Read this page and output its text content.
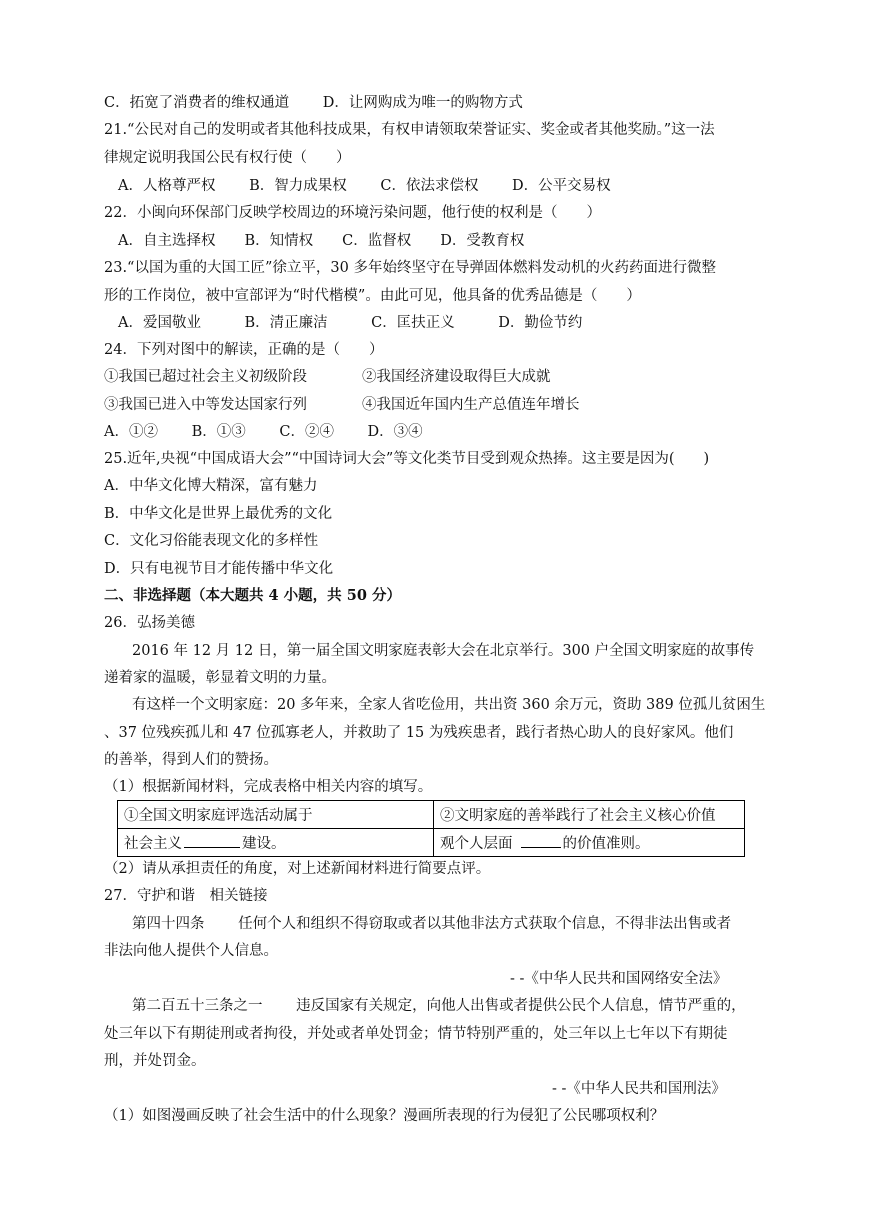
C．拓宽了消费者的维权通道　　 D．让网购成为唯一的购物方式
21.“公民对自己的发明或者其他科技成果，有权申请领取荣誉证实、奖金或者其他奖励。”这一法
律规定说明我国公民有权行使（　　）
A．人格尊严权　　 B．智力成果权　　 C．依法求偿权　　 D．公平交易权
22．小闽向环保部门反映学校周边的环境污染问题，他行使的权利是（　　）
A．自主选择权　　B．知情权　　C．监督权　　D．受教育权
23.“以国为重的大国工匠”徐立平，30 多年始终坚守在导弹固体燃料发动机的火药药面进行微整
形的工作岗位，被中宣部评为“时代楷模”。由此可见，他具备的优秀品德是（　　）
A．爱国敬业　　　B．清正廉洁　　　C．匡扶正义　　　D．勤俭节约
24．下列对图中的解读，正确的是（　　）
①我国已超过社会主义初级阶段	②我国经济建设取得巨大成就
③我国已进入中等发达国家行列	④我国近年国内生产总值连年增长
A．①②　　 B．①③　　 C．②④　　 D．③④
25.近年,央视“中国成语大会”“中国诗词大会”等文化类节目受到观众热捧。这主要是因为(　　)
A．中华文化博大精深，富有魅力
B．中华文化是世界上最优秀的文化
C．文化习俗能表现文化的多样性
D．只有电视节目才能传播中华文化
二、非选择题（本大题共 4 小题，共 50 分）
26．弘扬美德
2016 年 12 月 12 日，第一届全国文明家庭表彰大会在北京举行。300 户全国文明家庭的故事传
递着家的温暖，彰显着文明的力量。
有这样一个文明家庭：20 多年来，全家人省吃俭用，共出资 360 余万元，资助 389 位孤儿贫困生
、37 位残疾孤儿和 47 位孤寡老人，并救助了 15 为残疾患者，践行者热心助人的良好家风。他们
的善举，得到人们的赞扬。
（1）根据新闻材料，完成表格中相关内容的填写。
①全国文明家庭评选活动属于	②文明家庭的善举践行了社会主义核心价值
社会主义 建设。	观个人层面 的价值准则。
（2）请从承担责任的角度，对上述新闻材料进行简要点评。
27．守护和谐　相关链接
第四十四条　　 任何个人和组织不得窃取或者以其他非法方式获取个信息，不得非法出售或者
非法向他人提供个人信息。
- -《中华人民共和国网络安全法》
第二百五十三条之一　　 违反国家有关规定，向他人出售或者提供公民个人信息，情节严重的，
处三年以下有期徒刑或者拘役，并处或者单处罚金；情节特别严重的，处三年以上七年以下有期徒
刑，并处罚金。
- -《中华人民共和国刑法》
（1）如图漫画反映了社会生活中的什么现象？漫画所表现的行为侵犯了公民哪项权利？
